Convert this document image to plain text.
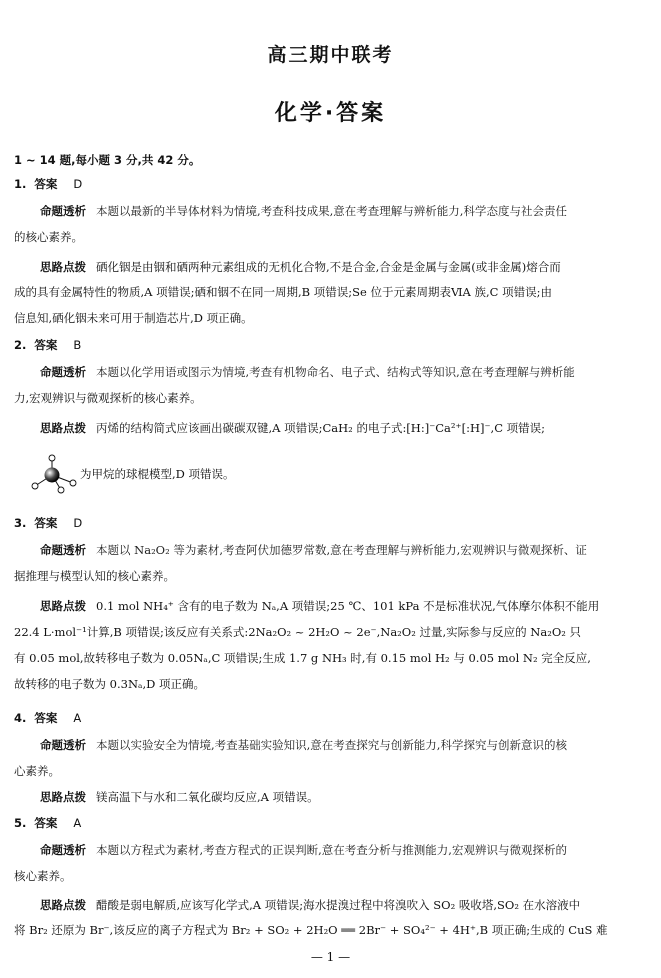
高三期中联考
化学·答案
1 ~ 14 题,每小题 3 分,共 42 分。
1. 答案 D
命题透析 本题以最新的半导体材料为情境,考查科技成果,意在考查理解与辨析能力,科学态度与社会责任
的核心素养。
思路点拨 硒化铟是由铟和硒两种元素组成的无机化合物,不是合金,合金是金属与金属(或非金属)熔合而
成的具有金属特性的物质,A 项错误;硒和铟不在同一周期,B 项错误;Se 位于元素周期表ⅥA 族,C 项错误;由
信息知,硒化铟未来可用于制造芯片,D 项正确。
2. 答案 B
命题透析 本题以化学用语或图示为情境,考查有机物命名、电子式、结构式等知识,意在考查理解与辨析能
力,宏观辨识与微观探析的核心素养。
思路点拨 丙烯的结构简式应该画出碳碳双键,A 项错误;CaH₂ 的电子式:[H:]⁻Ca²⁺[:H]⁻,C 项错误;
为甲烷的球棍模型,D 项错误。
3. 答案 D
命题透析 本题以 Na₂O₂ 等为素材,考查阿伏加德罗常数,意在考查理解与辨析能力,宏观辨识与微观探析、证
据推理与模型认知的核心素养。
思路点拨 0.1 mol NH₄⁺ 含有的电子数为 Nₐ,A 项错误;25 ℃、101 kPa 不是标准状况,气体摩尔体积不能用
22.4 L·mol⁻¹计算,B 项错误;该反应有关系式:2Na₂O₂ ~ 2H₂O ~ 2e⁻,Na₂O₂ 过量,实际参与反应的 Na₂O₂ 只
有 0.05 mol,故转移电子数为 0.05Nₐ,C 项错误;生成 1.7 g NH₃ 时,有 0.15 mol H₂ 与 0.05 mol N₂ 完全反应,
故转移的电子数为 0.3Nₐ,D 项正确。
4. 答案 A
命题透析 本题以实验安全为情境,考查基础实验知识,意在考查探究与创新能力,科学探究与创新意识的核
心素养。
思路点拨 镁高温下与水和二氧化碳均反应,A 项错误。
5. 答案 A
命题透析 本题以方程式为素材,考查方程式的正误判断,意在考查分析与推测能力,宏观辨识与微观探析的
核心素养。
思路点拨 醋酸是弱电解质,应该写化学式,A 项错误;海水提溴过程中将溴吹入 SO₂ 吸收塔,SO₂ 在水溶液中
将 Br₂ 还原为 Br⁻,该反应的离子方程式为 Br₂ + SO₂ + 2H₂O ══ 2Br⁻ + SO₄²⁻ + 4H⁺,B 项正确;生成的 CuS 难
— 1 —
